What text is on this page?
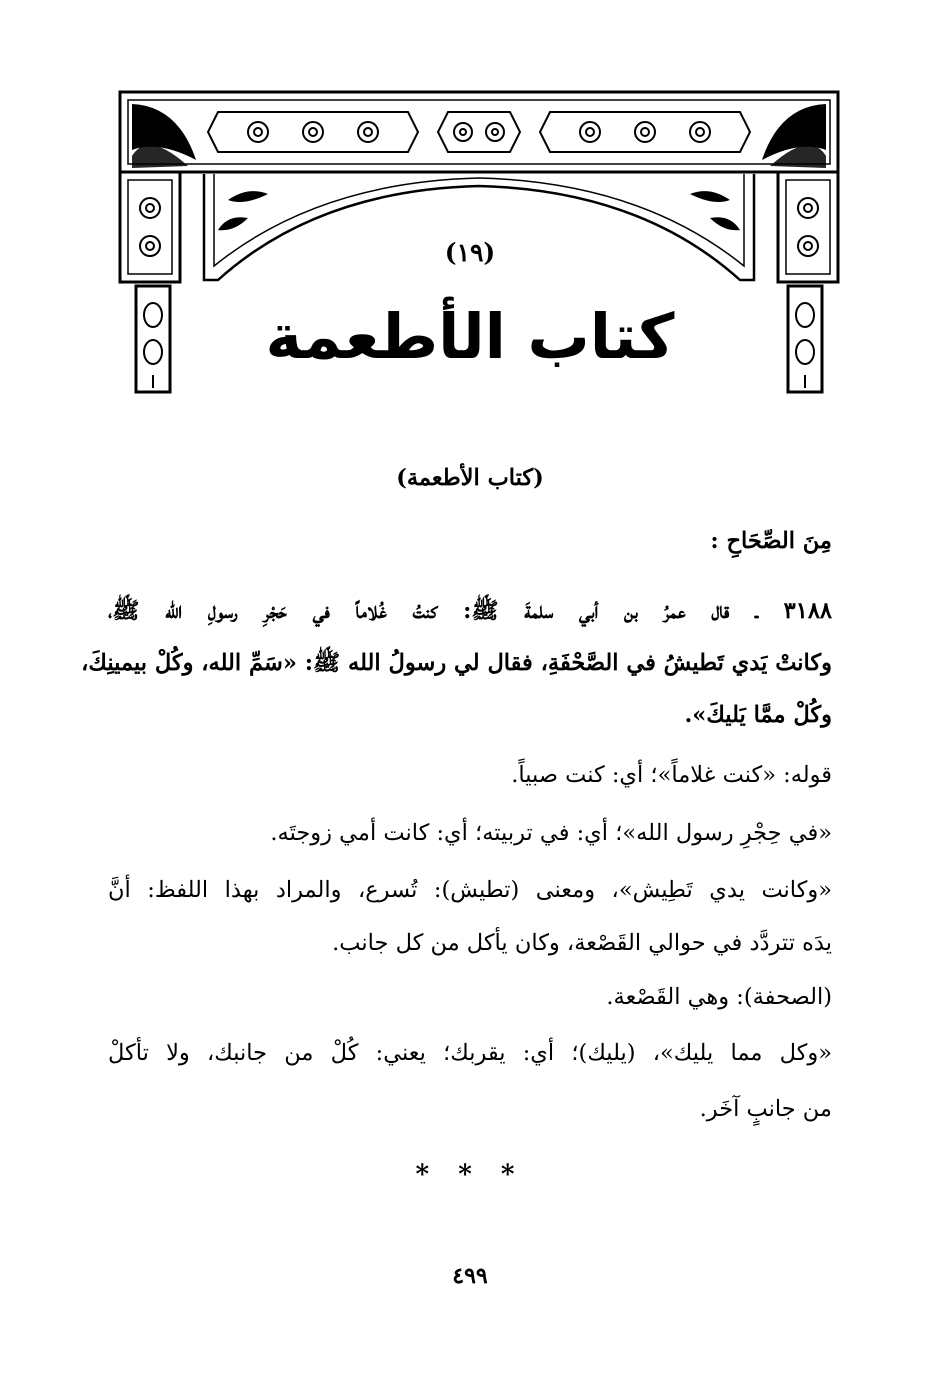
(١٩)
كتاب الأطعمة
(كتاب الأطعمة)
مِنَ الصِّحَاحِ :
٣١٨٨ ـ قال عمرُ بن أبي سلمةَ ﷺ: كنتُ غُلاماً في حَجْرِ رسولِ الله ﷺ،
وكانتْ يَدي تَطيشُ في الصَّحْفَةِ، فقال لي رسولُ الله ﷺ: «سَمِّ الله، وكُلْ بيمينِكَ،
وكُلْ ممَّا يَليكَ».
قوله: «كنت غلاماً»؛ أي: كنت صبياً.
«في حِجْرِ رسول الله»؛ أي: في تربيته؛ أي: كانت أمي زوجتَه.
«وكانت يدي تَطِيش»، ومعنى (تطيش): تُسرع، والمراد بهذا اللفظ: أنَّ
يدَه تتردَّد في حوالي القَصْعة، وكان يأكل من كل جانب.
(الصحفة): وهي القَصْعة.
«وكل مما يليك»، (يليك)؛ أي: يقربك؛ يعني: كُلْ من جانبك، ولا تأكلْ
من جانبٍ آخَر.
* * *
٤٩٩
